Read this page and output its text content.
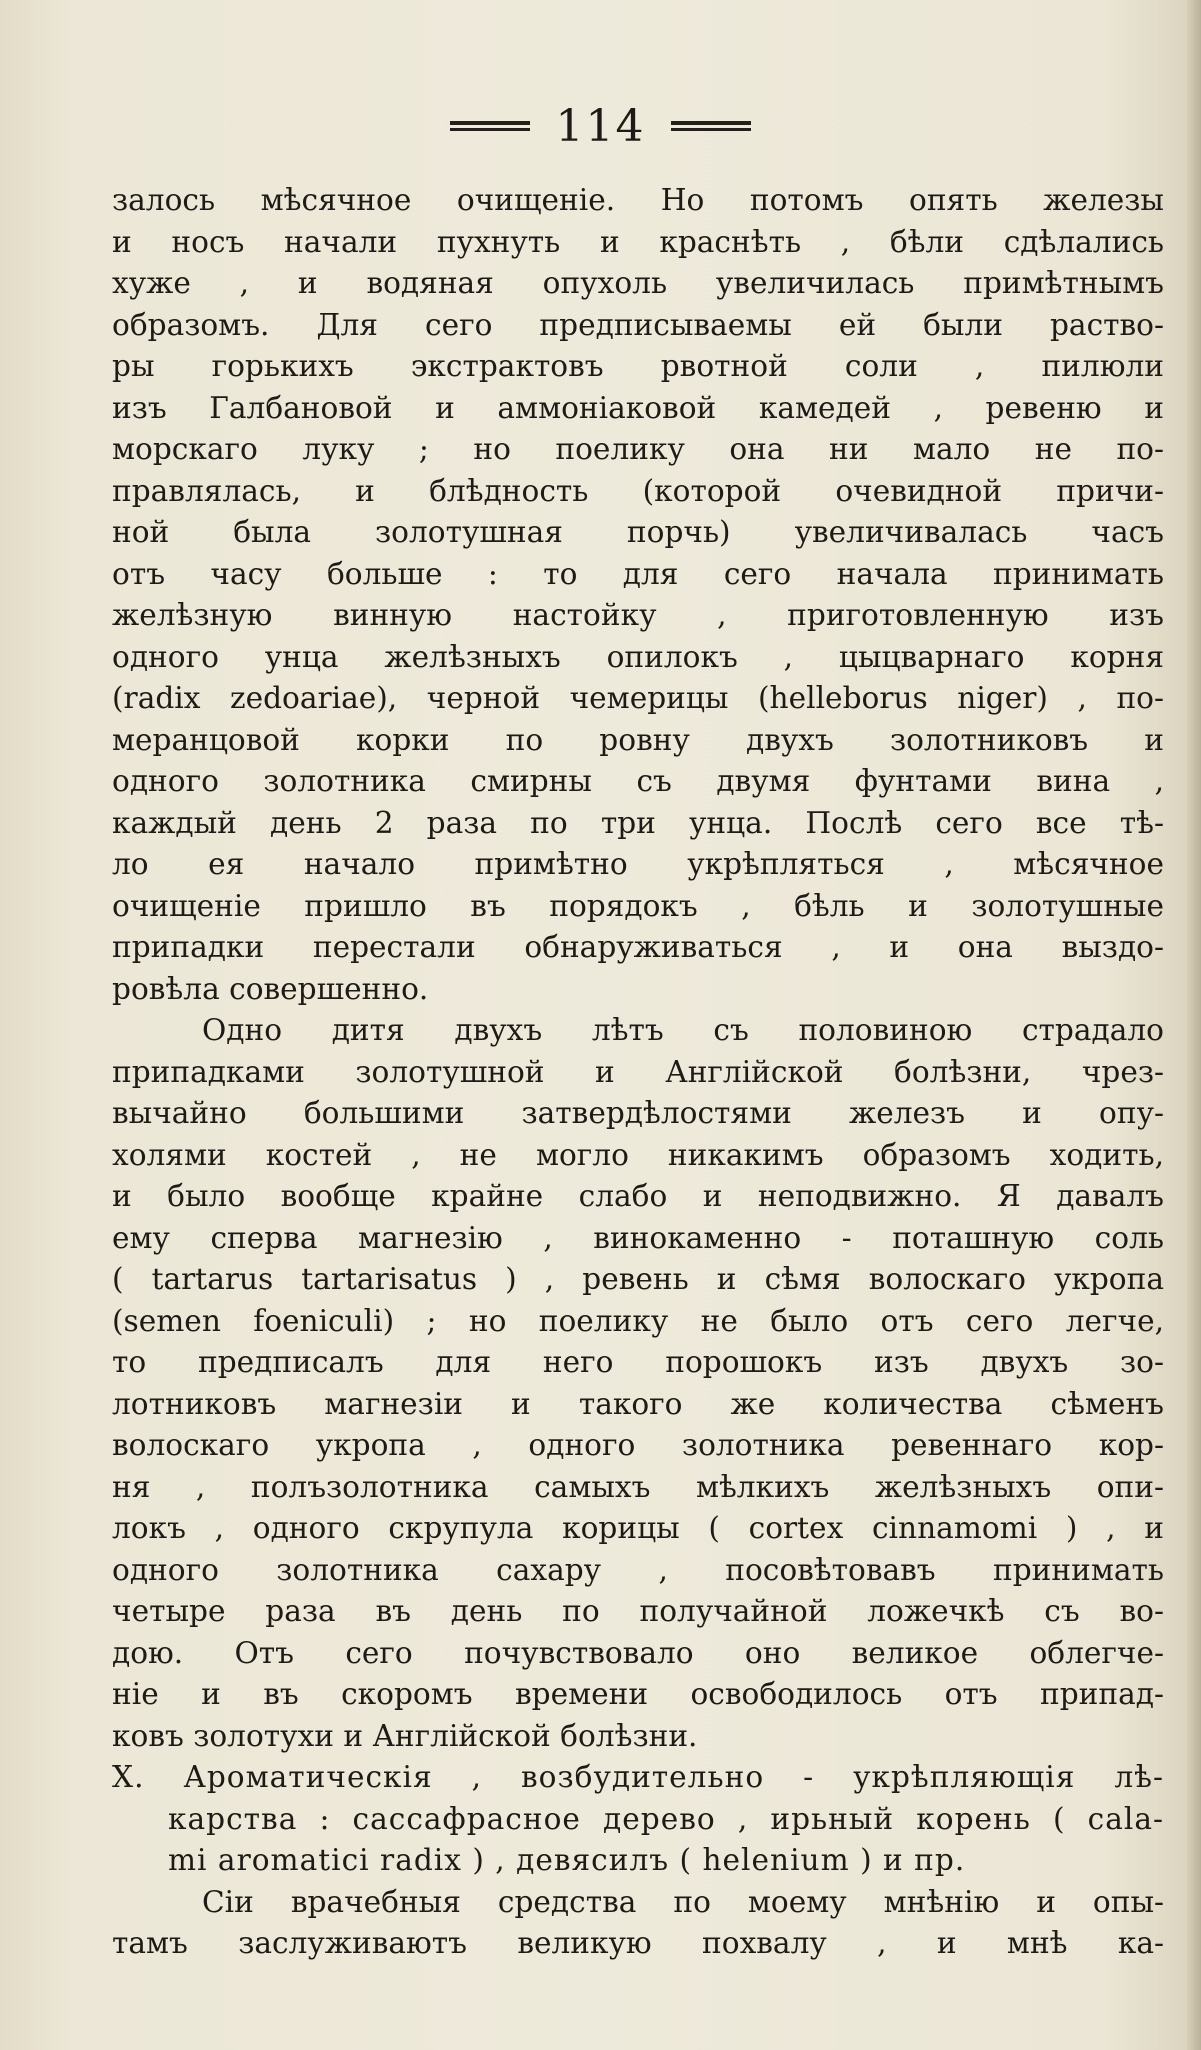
114
залось мѣсячное очищеніе. Но потомъ опять железы
и носъ начали пухнуть и краснѣть , бѣли сдѣлались
хуже , и водяная опухоль увеличилась примѣтнымъ
образомъ. Для сего предписываемы ей были раство-
ры горькихъ экстрактовъ рвотной соли , пилюли
изъ Галбановой и аммоніаковой камедей , ревеню и
морскаго луку ; но поелику она ни мало не по-
правлялась, и блѣдность (которой очевидной причи-
ной была золотушная порчь) увеличивалась часъ
отъ часу больше : то для сего начала принимать
желѣзную винную настойку , приготовленную изъ
одного унца желѣзныхъ опилокъ , цыцварнаго корня
(radix zedoariae), черной чемерицы (helleborus niger) , по-
меранцовой корки по ровну двухъ золотниковъ и
одного золотника смирны съ двумя фунтами вина ,
каждый день 2 раза по три унца. Послѣ сего все тѣ-
ло ея начало примѣтно укрѣпляться , мѣсячное
очищеніе пришло въ порядокъ , бѣль и золотушные
припадки перестали обнаруживаться , и она выздо-
ровѣла совершенно.
Одно дитя двухъ лѣтъ съ половиною страдало
припадками золотушной и Англійской болѣзни, чрез-
вычайно большими затвердѣлостями железъ и опу-
холями костей , не могло никакимъ образомъ ходить,
и было вообще крайне слабо и неподвижно. Я давалъ
ему сперва магнезію , винокаменно - поташную соль
( tartarus tartarisatus ) , ревень и сѣмя волоскаго укропа
(semen foeniculi) ; но поелику не было отъ сего легче,
то предписалъ для него порошокъ изъ двухъ зо-
лотниковъ магнезіи и такого же количества сѣменъ
волоскаго укропа , одного золотника ревеннаго кор-
ня , полъзолотника самыхъ мѣлкихъ желѣзныхъ опи-
локъ , одного скрупула корицы ( cortex cinnamomi ) , и
одного золотника сахару , посовѣтовавъ принимать
четыре раза въ день по получайной ложечкѣ съ во-
дою. Отъ сего почувствовало оно великое облегче-
ніе и въ скоромъ времени освободилось отъ припад-
ковъ золотухи и Англійской болѣзни.
X. Ароматическія , возбудительно - укрѣпляющія лѣ-
карства : сассафрасное дерево , ирьный корень ( cala-
mi aromatici radix ) , девясилъ ( helenium ) и пр.
Сіи врачебныя средства по моему мнѣнію и опы-
тамъ заслуживаютъ великую похвалу , и мнѣ ка-
